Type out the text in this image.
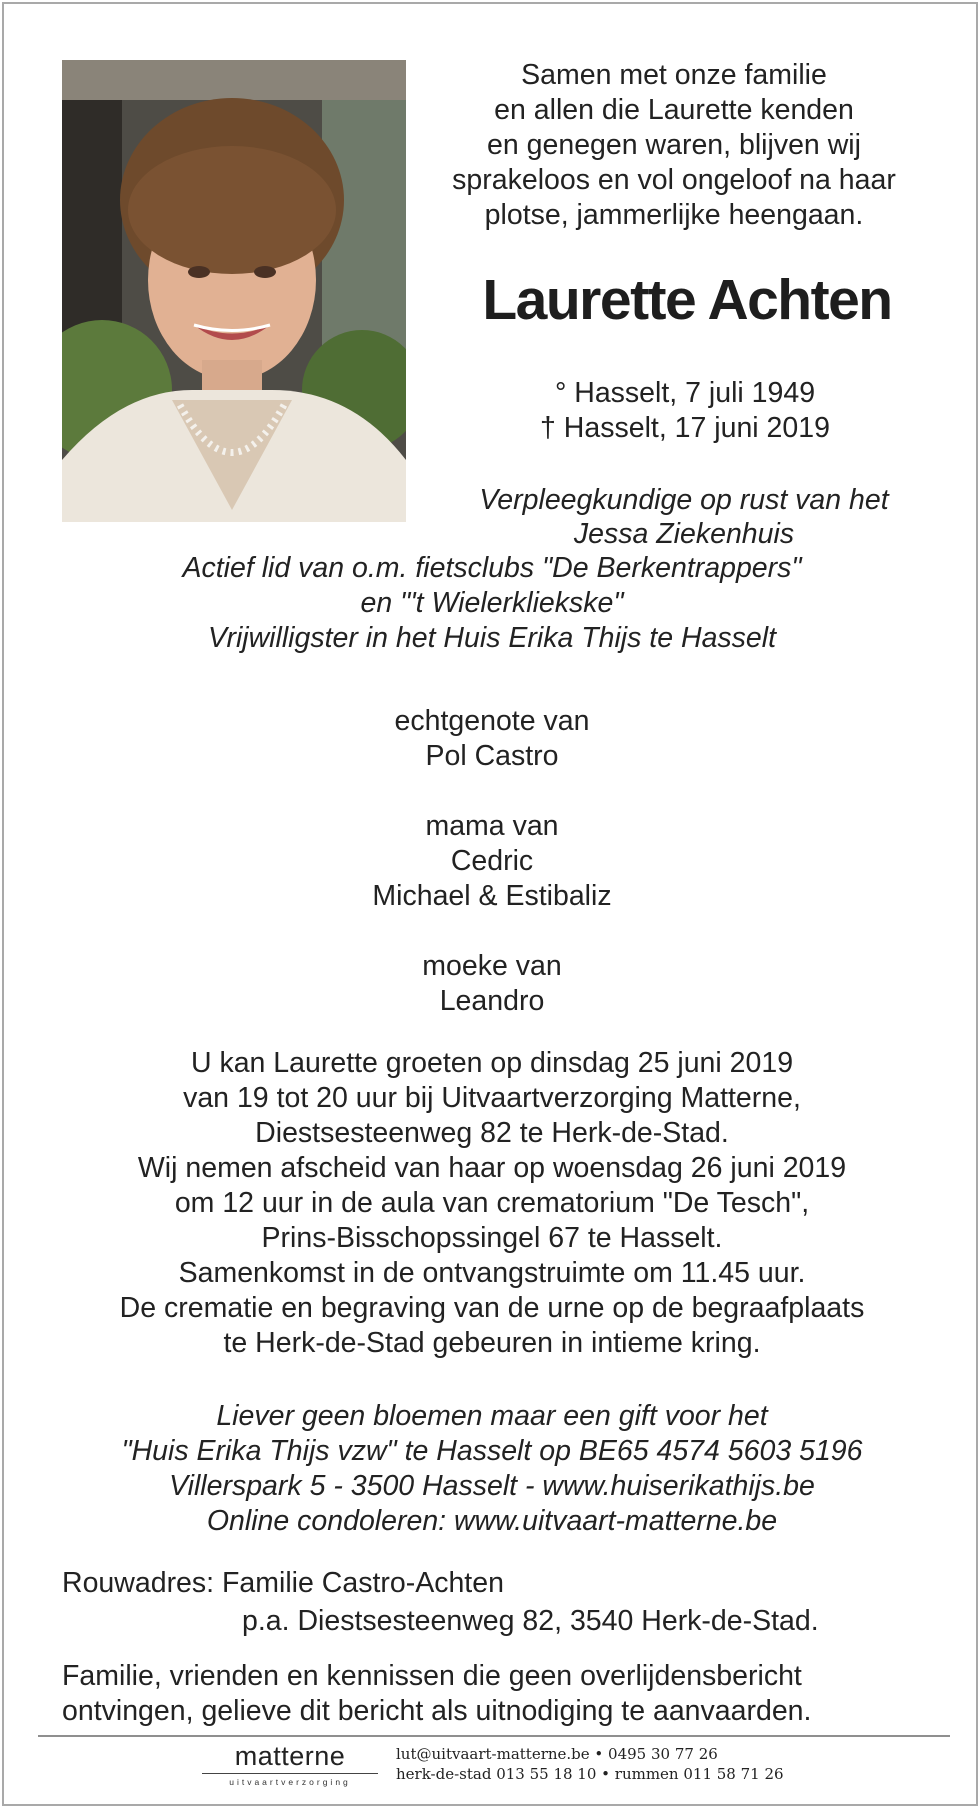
Samen met onze familie
en allen die Laurette kenden
en genegen waren, blijven wij
sprakeloos en vol ongeloof na haar
plotse, jammerlijke heengaan.
Laurette Achten
° Hasselt, 7 juli 1949
† Hasselt, 17 juni 2019
Verpleegkundige op rust van het
Jessa Ziekenhuis
Actief lid van o.m. fietsclubs "De Berkentrappers"
en "'t Wielerkliekske"
Vrijwilligster in het Huis Erika Thijs te Hasselt
echtgenote van
Pol Castro
mama van
Cedric
Michael & Estibaliz
moeke van
Leandro
U kan Laurette groeten op dinsdag 25 juni 2019
van 19 tot 20 uur bij Uitvaartverzorging Matterne,
Diestsesteenweg 82 te Herk-de-Stad.
Wij nemen afscheid van haar op woensdag 26 juni 2019
om 12 uur in de aula van crematorium "De Tesch",
Prins-Bisschopssingel 67 te Hasselt.
Samenkomst in de ontvangstruimte om 11.45 uur.
De crematie en begraving van de urne op de begraafplaats
te Herk-de-Stad gebeuren in intieme kring.
Liever geen bloemen maar een gift voor het
"Huis Erika Thijs vzw" te Hasselt op BE65 4574 5603 5196
Villerspark 5 - 3500 Hasselt - www.huiserikathijs.be
Online condoleren: www.uitvaart-matterne.be
Rouwadres: Familie Castro-Achten
p.a. Diestsesteenweg 82, 3540 Herk-de-Stad.
Familie, vrienden en kennissen die geen overlijdensbericht
ontvingen, gelieve dit bericht als uitnodiging te aanvaarden.
matterne
uitvaartverzorging
lut@uitvaart-matterne.be • 0495 30 77 26
herk-de-stad 013 55 18 10 • rummen 011 58 71 26
